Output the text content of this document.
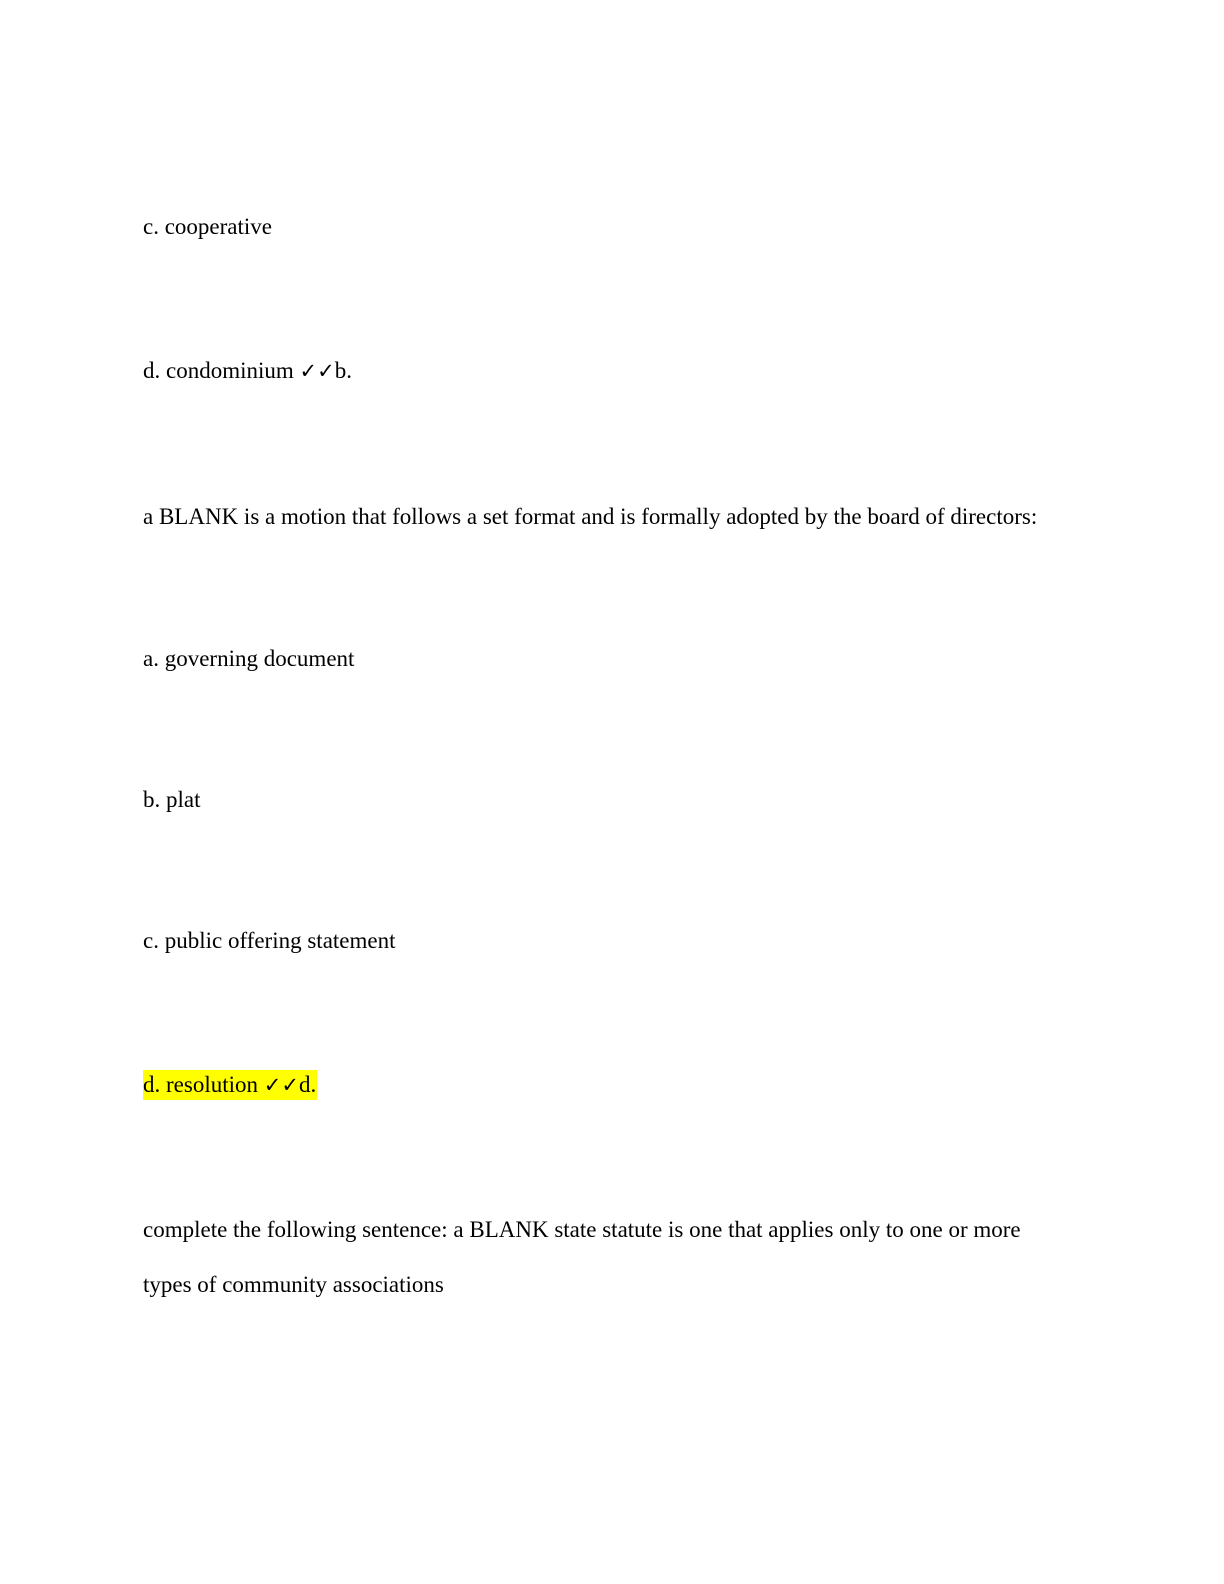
c. cooperative
d. condominium ✓✓b.
a BLANK is a motion that follows a set format and is formally adopted by the board of directors:
a. governing document
b. plat
c. public offering statement
d. resolution ✓✓d.
complete the following sentence: a BLANK state statute is one that applies only to one or more
types of community associations
